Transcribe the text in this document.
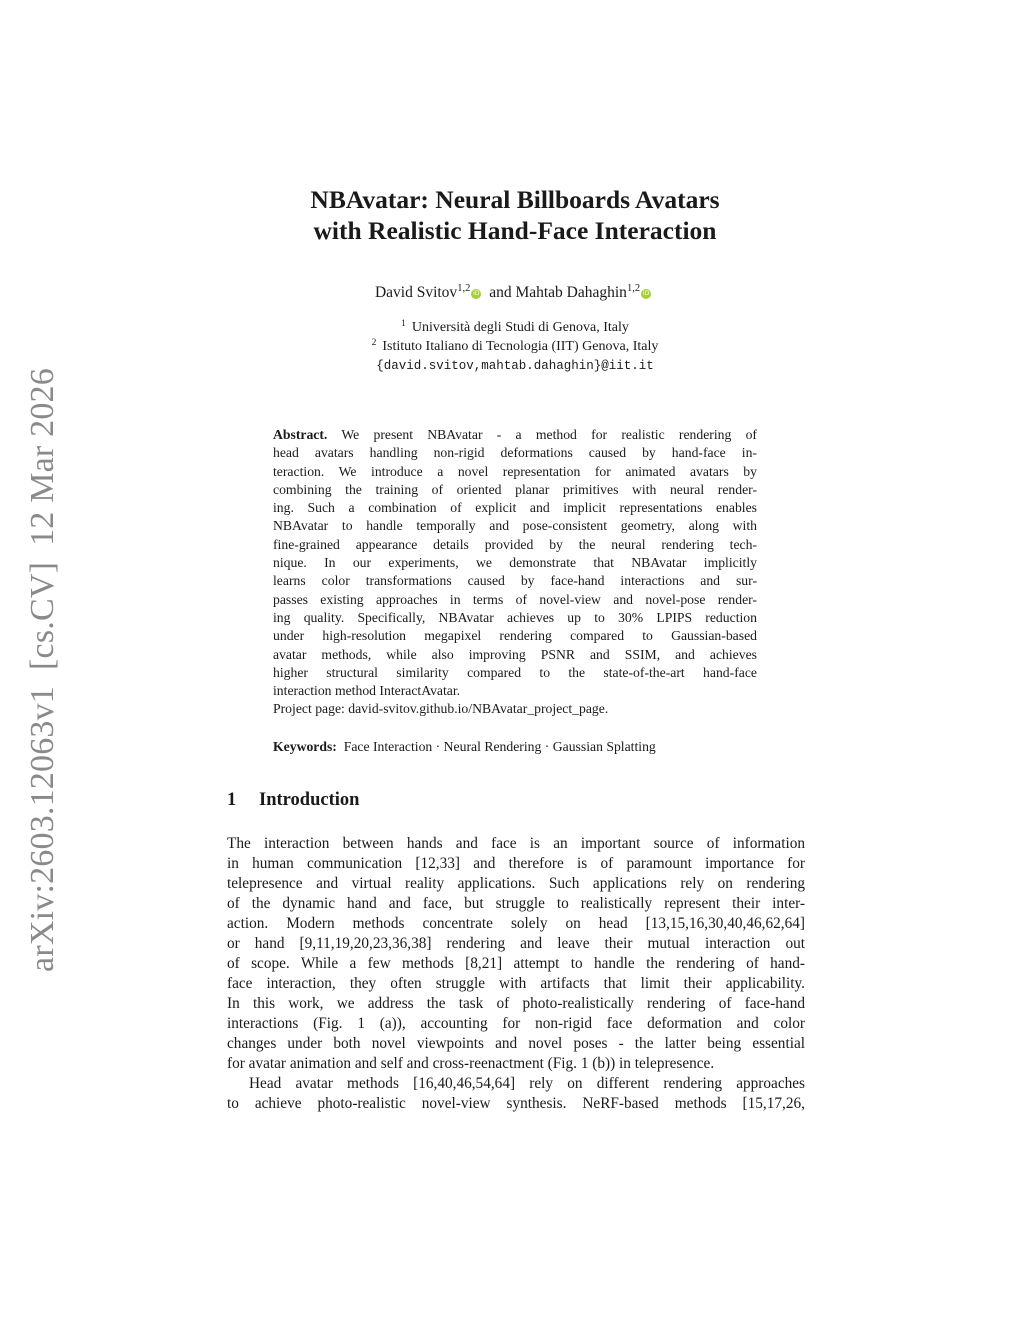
arXiv:2603.12063v1[cs.CV]12 Mar 2026
NBAvatar: Neural Billboards Avatars
with Realistic Hand-Face Interaction
David Svitov$^{1,2}$ iD and Mahtab Dahaghin$^{1,2}$ iD
$^1$ Università degli Studi di Genova, Italy
$^2$ Istituto Italiano di Tecnologia (IIT) Genova, Italy
{david.svitov,mahtab.dahaghin}@iit.it
Abstract. We present NBAvatar - a method for realistic rendering of
head avatars handling non-rigid deformations caused by hand-face in-
teraction. We introduce a novel representation for animated avatars by
combining the training of oriented planar primitives with neural render-
ing. Such a combination of explicit and implicit representations enables
NBAvatar to handle temporally and pose-consistent geometry, along with
fine-grained appearance details provided by the neural rendering tech-
nique. In our experiments, we demonstrate that NBAvatar implicitly
learns color transformations caused by face-hand interactions and sur-
passes existing approaches in terms of novel-view and novel-pose render-
ing quality. Specifically, NBAvatar achieves up to 30% LPIPS reduction
under high-resolution megapixel rendering compared to Gaussian-based
avatar methods, while also improving PSNR and SSIM, and achieves
higher structural similarity compared to the state-of-the-art hand-face
interaction method InteractAvatar.
Project page: david-svitov.github.io/NBAvatar_project_page.
Keywords: Face Interaction · Neural Rendering · Gaussian Splatting
1 Introduction
The interaction between hands and face is an important source of information
in human communication [12,33] and therefore is of paramount importance for
telepresence and virtual reality applications. Such applications rely on rendering
of the dynamic hand and face, but struggle to realistically represent their inter-
action. Modern methods concentrate solely on head [13,15,16,30,40,46,62,64]
or hand [9,11,19,20,23,36,38] rendering and leave their mutual interaction out
of scope. While a few methods [8,21] attempt to handle the rendering of hand-
face interaction, they often struggle with artifacts that limit their applicability.
In this work, we address the task of photo-realistically rendering of face-hand
interactions (Fig. 1 (a)), accounting for non-rigid face deformation and color
changes under both novel viewpoints and novel poses - the latter being essential
for avatar animation and self and cross-reenactment (Fig. 1 (b)) in telepresence.
Head avatar methods [16,40,46,54,64] rely on different rendering approaches
to achieve photo-realistic novel-view synthesis. NeRF-based methods [15,17,26,
